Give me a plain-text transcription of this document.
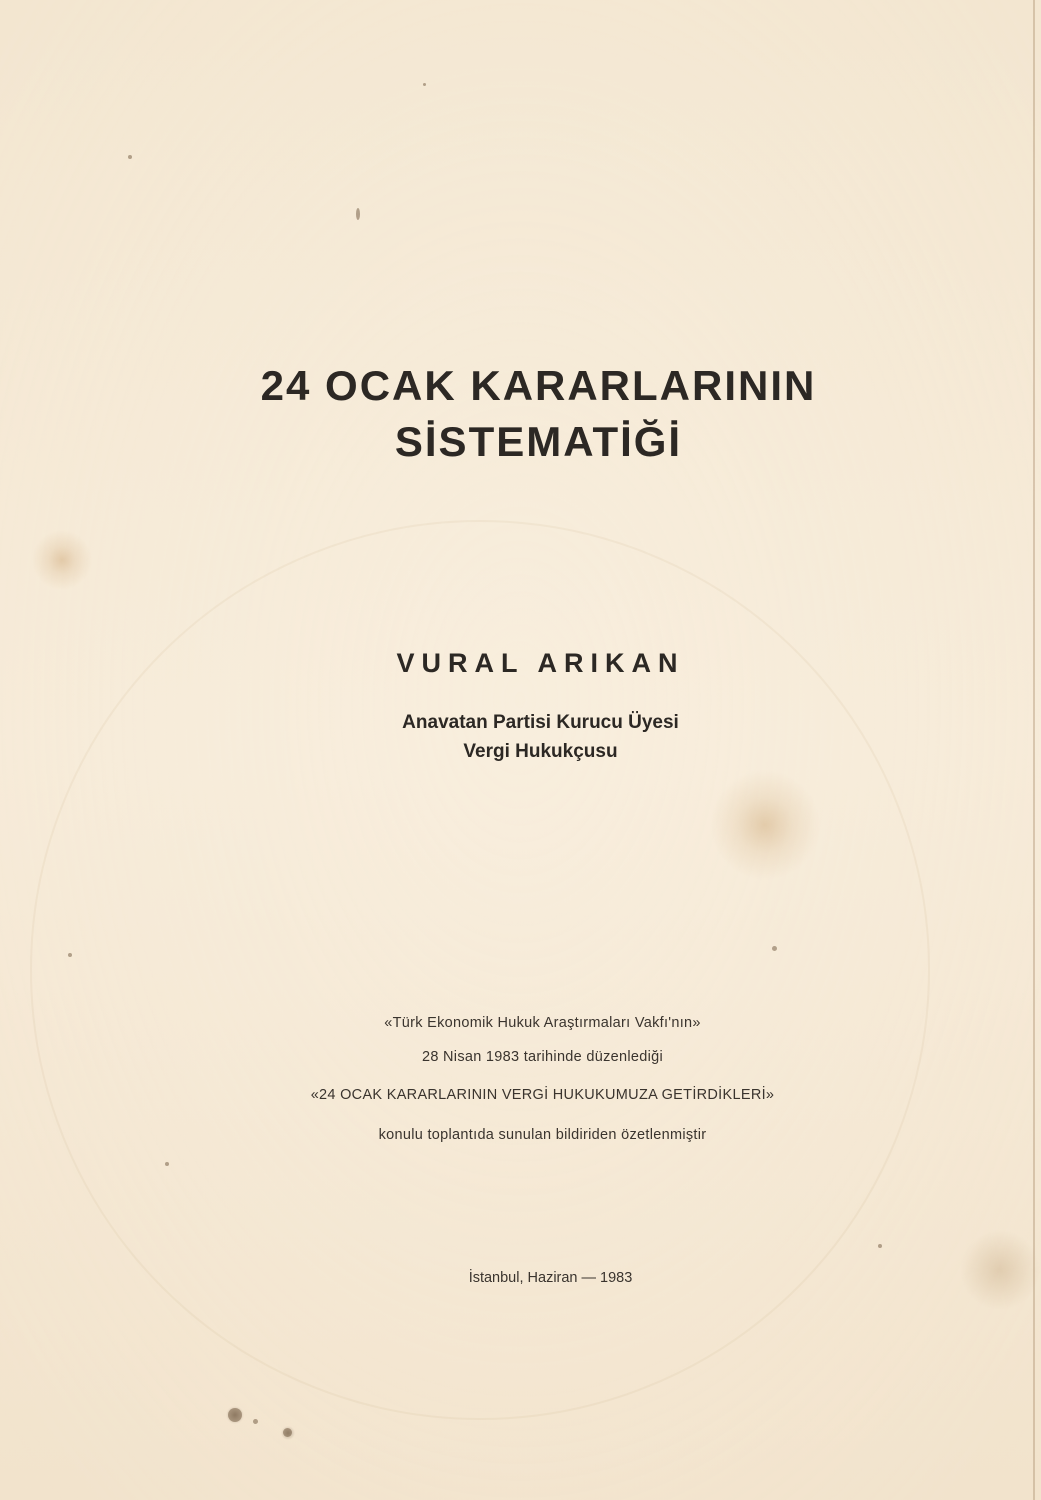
24 OCAK KARARLARININ
SİSTEMATİĞİ
VURAL ARIKAN
Anavatan Partisi Kurucu Üyesi
Vergi Hukukçusu
«Türk Ekonomik Hukuk Araştırmaları Vakfı'nın»
28 Nisan 1983 tarihinde düzenlediği
«24 OCAK KARARLARININ VERGİ HUKUKUMUZA GETİRDİKLERİ»
konulu toplantıda sunulan bildiriden özetlenmiştir
İstanbul, Haziran — 1983
